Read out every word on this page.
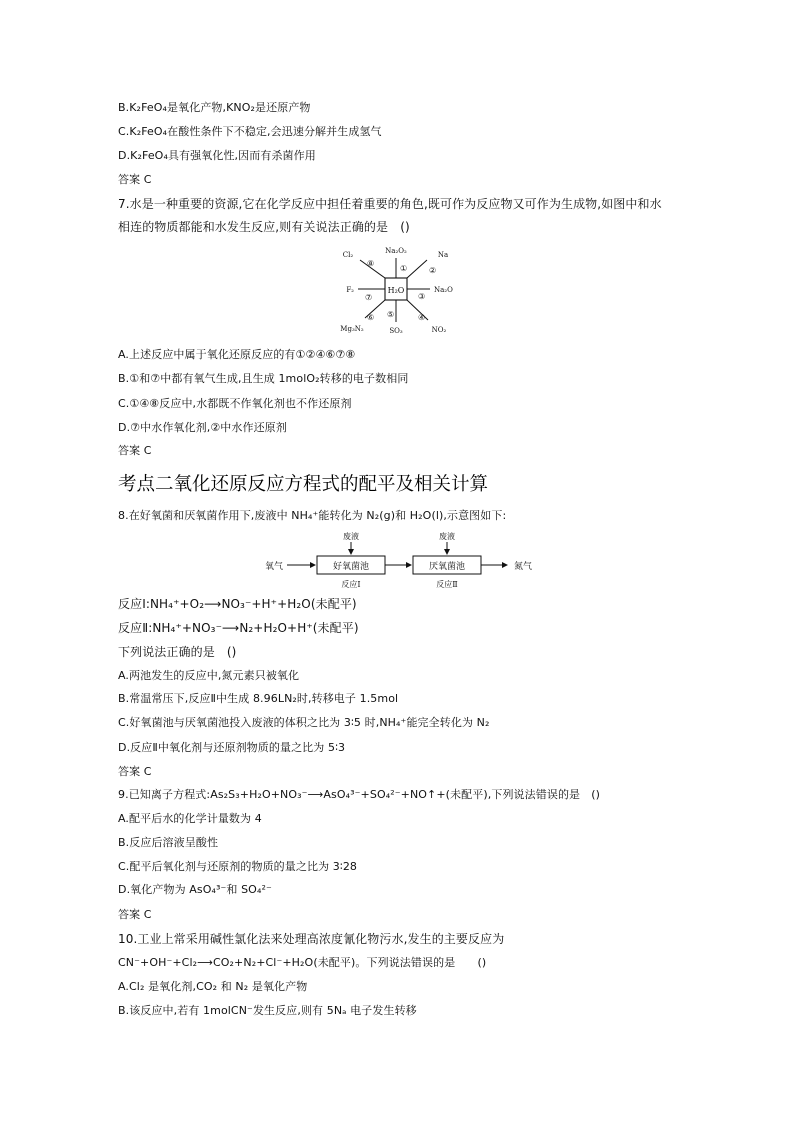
B.K₂FeO₄是氧化产物,KNO₂是还原产物
C.K₂FeO₄在酸性条件下不稳定,会迅速分解并生成氢气
D.K₂FeO₄具有强氧化性,因而有杀菌作用
答案 C
7.水是一种重要的资源,它在化学反应中担任着重要的角色,既可作为反应物又可作为生成物,如图中和水
相连的物质都能和水发生反应,则有关说法正确的是　()
H₂O
Na₂O₂
①
Na
②
Na₂O
③
NO₂
④
SO₃
⑤
Mg₃N₂
⑥
F₂
⑦
Cl₂
⑧
A.上述反应中属于氧化还原反应的有①②④⑥⑦⑧
B.①和⑦中都有氧气生成,且生成 1molO₂转移的电子数相同
C.①④⑧反应中,水都既不作氧化剂也不作还原剂
D.⑦中水作氧化剂,②中水作还原剂
答案 C
考点二氧化还原反应方程式的配平及相关计算
8.在好氧菌和厌氧菌作用下,废液中 NH₄⁺能转化为 N₂(g)和 H₂O(l),示意图如下:
氧气	好氧菌池
废液
反应Ⅰ
厌氧菌池
废液
反应Ⅱ
氮气
反应Ⅰ:NH₄⁺+O₂⟶NO₃⁻+H⁺+H₂O(未配平)
反应Ⅱ:NH₄⁺+NO₃⁻⟶N₂+H₂O+H⁺(未配平)
下列说法正确的是　()
A.两池发生的反应中,氮元素只被氧化
B.常温常压下,反应Ⅱ中生成 8.96LN₂时,转移电子 1.5mol
C.好氧菌池与厌氧菌池投入废液的体积之比为 3∶5 时,NH₄⁺能完全转化为 N₂
D.反应Ⅱ中氧化剂与还原剂物质的量之比为 5∶3
答案 C
9.已知离子方程式:As₂S₃+H₂O+NO₃⁻⟶AsO₄³⁻+SO₄²⁻+NO↑+(未配平),下列说法错误的是　()
A.配平后水的化学计量数为 4
B.反应后溶液呈酸性
C.配平后氧化剂与还原剂的物质的量之比为 3∶28
D.氧化产物为 AsO₄³⁻和 SO₄²⁻
答案 C
10.工业上常采用碱性氯化法来处理高浓度氰化物污水,发生的主要反应为
CN⁻+OH⁻+Cl₂⟶CO₂+N₂+Cl⁻+H₂O(未配平)。下列说法错误的是　　()
A.Cl₂ 是氧化剂,CO₂ 和 N₂ 是氧化产物
B.该反应中,若有 1molCN⁻发生反应,则有 5Nₐ 电子发生转移
